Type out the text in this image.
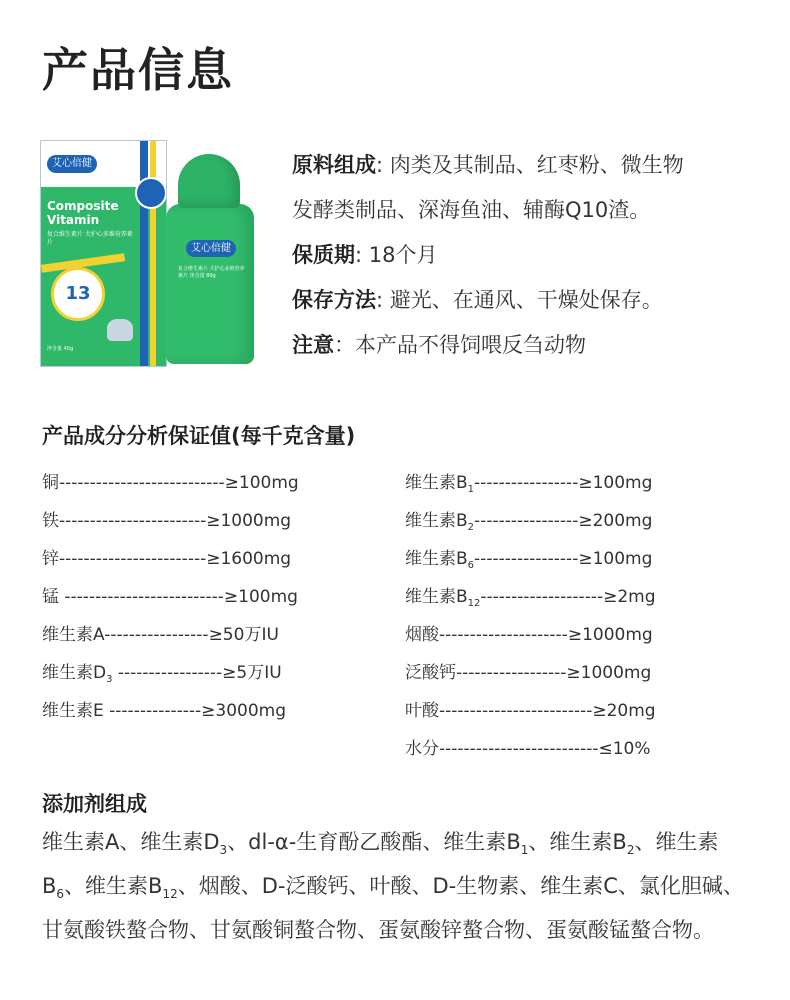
产品信息
艾心倍健
Composite
Vitamin
复合维生素片 犬护心多维营养素片
13
净含量 40g
艾心倍健
复合维生素片 犬护心多维营养素片 净含量 80g
原料组成: 肉类及其制品、红枣粉、微生物
发酵类制品、深海鱼油、辅酶Q10渣。
保质期: 18个月
保存方法: 避光、在通风、干燥处保存。
注意：本产品不得饲喂反刍动物
产品成分分析保证值(每千克含量)
铜---------------------------≥100mg
铁------------------------≥1000mg
锌------------------------≥1600mg
锰 --------------------------≥100mg
维生素A-----------------≥50万IU
维生素$D_3$ -----------------≥5万IU
维生素E ---------------≥3000mg
维生素$B_1-----------------\ge 100mg$
维生素$B_2-----------------\ge 200mg$
维生素$B_6-----------------\ge 100mg$
维生素$B_{12}--------------------\ge 2mg$
烟酸---------------------≥1000mg
泛酸钙------------------≥1000mg
叶酸-------------------------≥20mg
水分--------------------------≤10%
添加剂组成

维生素A、维生素$D_3$、dl-α-生育酚乙酸酯、维生素$B_1$、维生素$B_2$、维生素$B_6$、维生素$B_{12}$、烟酸、D-泛酸钙、叶酸、D-生物素、维生素C、氯化胆碱、甘氨酸铁螯合物、甘氨酸铜螯合物、蛋氨酸锌螯合物、蛋氨酸锰螯合物。
